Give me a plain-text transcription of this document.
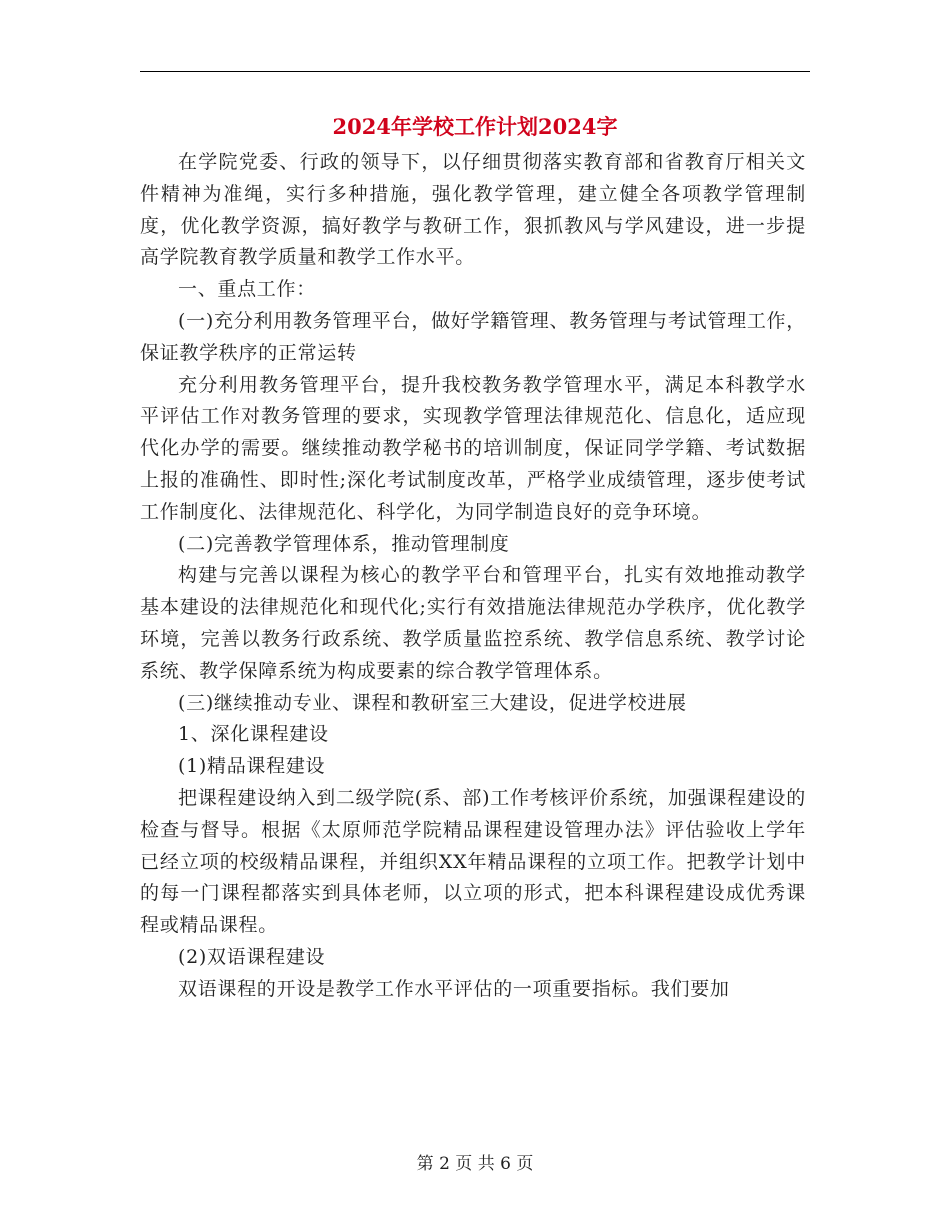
2024年学校工作计划2024字

在学院党委、行政的领导下，以仔细贯彻落实教育部和省教育厅相关文件精神为准绳，实行多种措施，强化教学管理，建立健全各项教学管理制度，优化教学资源，搞好教学与教研工作，狠抓教风与学风建设，进一步提高学院教育教学质量和教学工作水平。

一、重点工作：

(一)充分利用教务管理平台，做好学籍管理、教务管理与考试管理工作，保证教学秩序的正常运转

充分利用教务管理平台，提升我校教务教学管理水平，满足本科教学水平评估工作对教务管理的要求，实现教学管理法律规范化、信息化，适应现代化办学的需要。继续推动教学秘书的培训制度，保证同学学籍、考试数据上报的准确性、即时性;深化考试制度改革，严格学业成绩管理，逐步使考试工作制度化、法律规范化、科学化，为同学制造良好的竞争环境。

(二)完善教学管理体系，推动管理制度

构建与完善以课程为核心的教学平台和管理平台，扎实有效地推动教学基本建设的法律规范化和现代化;实行有效措施法律规范办学秩序，优化教学环境，完善以教务行政系统、教学质量监控系统、教学信息系统、教学讨论系统、教学保障系统为构成要素的综合教学管理体系。

(三)继续推动专业、课程和教研室三大建设，促进学校进展

1、深化课程建设

(1)精品课程建设

把课程建设纳入到二级学院(系、部)工作考核评价系统，加强课程建设的检查与督导。根据《太原师范学院精品课程建设管理办法》评估验收上学年已经立项的校级精品课程，并组织XX年精品课程的立项工作。把教学计划中的每一门课程都落实到具体老师，以立项的形式，把本科课程建设成优秀课程或精品课程。

(2)双语课程建设

双语课程的开设是教学工作水平评估的一项重要指标。我们要加

第 2 页 共 6 页
